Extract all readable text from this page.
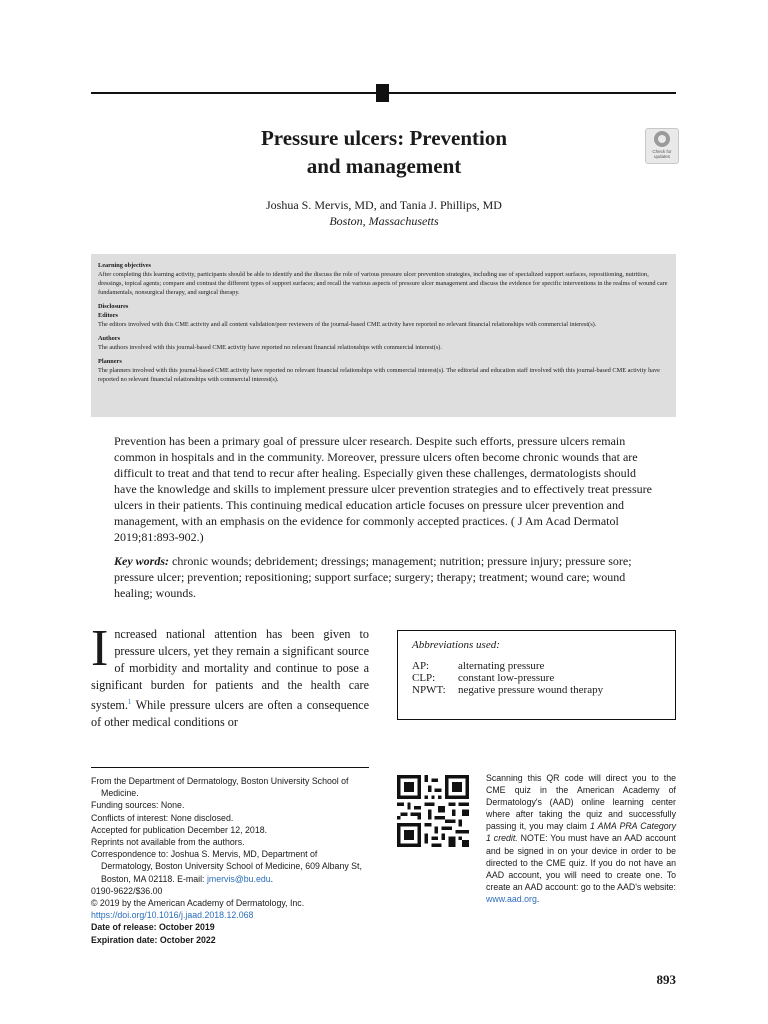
Pressure ulcers: Prevention
and management
Check for updates
Joshua S. Mervis, MD, and Tania J. Phillips, MD
Boston, Massachusetts
Learning objectives

After completing this learning activity, participants should be able to identify and the discuss the role of various pressure ulcer prevention strategies, including use of specialized support surfaces, repositioning, nutrition, dressings, topical agents; compare and contrast the different types of support surfaces; and recall the various aspects of pressure ulcer management and discuss the evidence for specific interventions in the realms of wound care fundamentals, nonsurgical therapy, and surgical therapy.

Disclosures
Editors

The editors involved with this CME activity and all content validation/peer reviewers of the journal-based CME activity have reported no relevant financial relationships with commercial interest(s).

Authors

The authors involved with this journal-based CME activity have reported no relevant financial relationships with commercial interest(s).

Planners

The planners involved with this journal-based CME activity have reported no relevant financial relationships with commercial interest(s). The editorial and education staff involved with this journal-based CME activity have reported no relevant financial relationships with commercial interest(s).

Prevention has been a primary goal of pressure ulcer research. Despite such efforts, pressure ulcers remain common in hospitals and in the community. Moreover, pressure ulcers often become chronic wounds that are difficult to treat and that tend to recur after healing. Especially given these challenges, dermatologists should have the knowledge and skills to implement pressure ulcer prevention strategies and to effectively treat pressure ulcers in their patients. This continuing medical education article focuses on pressure ulcer prevention and management, with an emphasis on the evidence for commonly accepted practices. ( J Am Acad Dermatol 2019;81:893-902.)

Key words: chronic wounds; debridement; dressings; management; nutrition; pressure injury; pressure sore; pressure ulcer; prevention; repositioning; support surface; surgery; therapy; treatment; wound care; wound healing; wounds.

Increased national attention has been given to pressure ulcers, yet they remain a significant source of morbidity and mortality and continue to pose a significant burden for patients and the health care system.$^1$ While pressure ulcers are often a consequence of other medical conditions or

Abbreviations used:
AP:	alternating pressure
CLP:	constant low-pressure
NPWT:	negative pressure wound therapy
From the Department of Dermatology, Boston University School of Medicine.
Funding sources: None.
Conflicts of interest: None disclosed.
Accepted for publication December 12, 2018.
Reprints not available from the authors.
Correspondence to: Joshua S. Mervis, MD, Department of Dermatology, Boston University School of Medicine, 609 Albany St, Boston, MA 02118. E-mail: jmervis@bu.edu.
0190-9622/$36.00
© 2019 by the American Academy of Dermatology, Inc.
https://doi.org/10.1016/j.jaad.2018.12.068
Date of release: October 2019
Expiration date: October 2022
Scanning this QR code will direct you to the CME quiz in the American Academy of Dermatology's (AAD) online learning center where after taking the quiz and successfully passing it, you may claim 1 AMA PRA Category 1 credit. NOTE: You must have an AAD account and be signed in on your device in order to be directed to the CME quiz. If you do not have an AAD account, you will need to create one. To create an AAD account: go to the AAD's website: www.aad.org.
893
